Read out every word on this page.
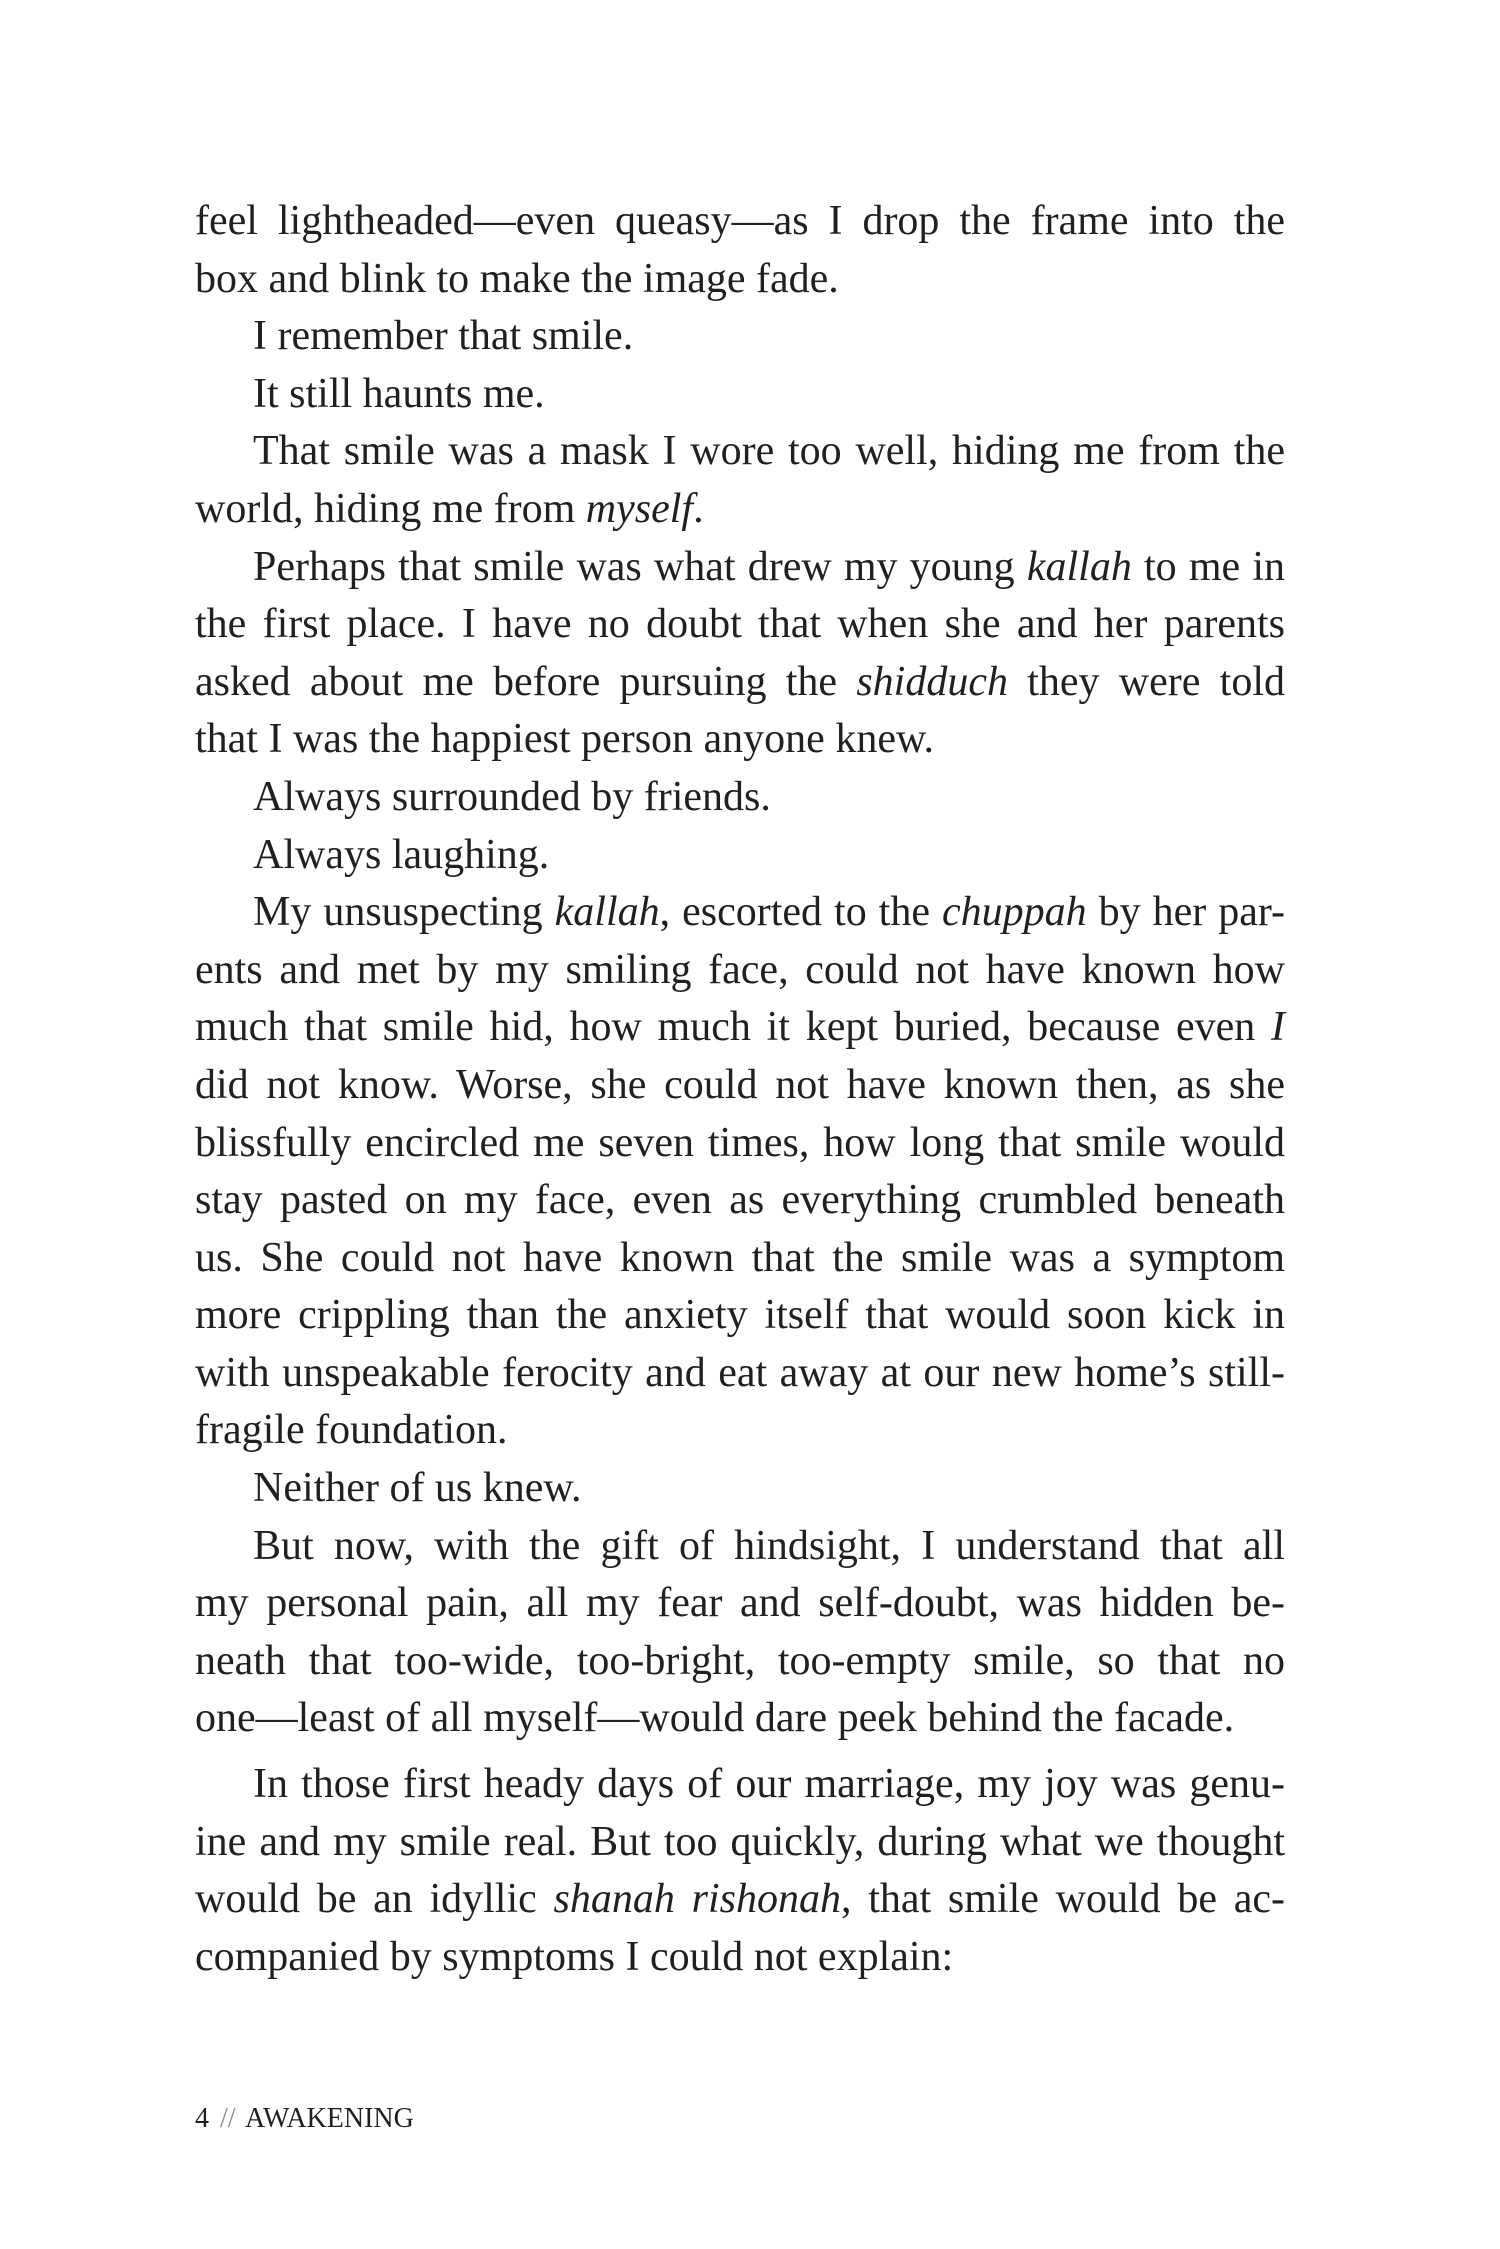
feel lightheaded—even queasy—as I drop the frame into the
box and blink to make the image fade.
I remember that smile.
It still haunts me.
That smile was a mask I wore too well, hiding me from the
world, hiding me from myself.
Perhaps that smile was what drew my young kallah to me in
the first place. I have no doubt that when she and her parents
asked about me before pursuing the shidduch they were told
that I was the happiest person anyone knew.
Always surrounded by friends.
Always laughing.
My unsuspecting kallah, escorted to the chuppah by her par-
ents and met by my smiling face, could not have known how
much that smile hid, how much it kept buried, because even I
did not know. Worse, she could not have known then, as she
blissfully encircled me seven times, how long that smile would
stay pasted on my face, even as everything crumbled beneath
us. She could not have known that the smile was a symptom
more crippling than the anxiety itself that would soon kick in
with unspeakable ferocity and eat away at our new home’s still-
fragile foundation.
Neither of us knew.
But now, with the gift of hindsight, I understand that all
my personal pain, all my fear and self-doubt, was hidden be-
neath that too-wide, too-bright, too-empty smile, so that no
one—least of all myself—would dare peek behind the facade.
In those first heady days of our marriage, my joy was genu-
ine and my smile real. But too quickly, during what we thought
would be an idyllic shanah rishonah, that smile would be ac-
companied by symptoms I could not explain:
4 // AWAKENING
